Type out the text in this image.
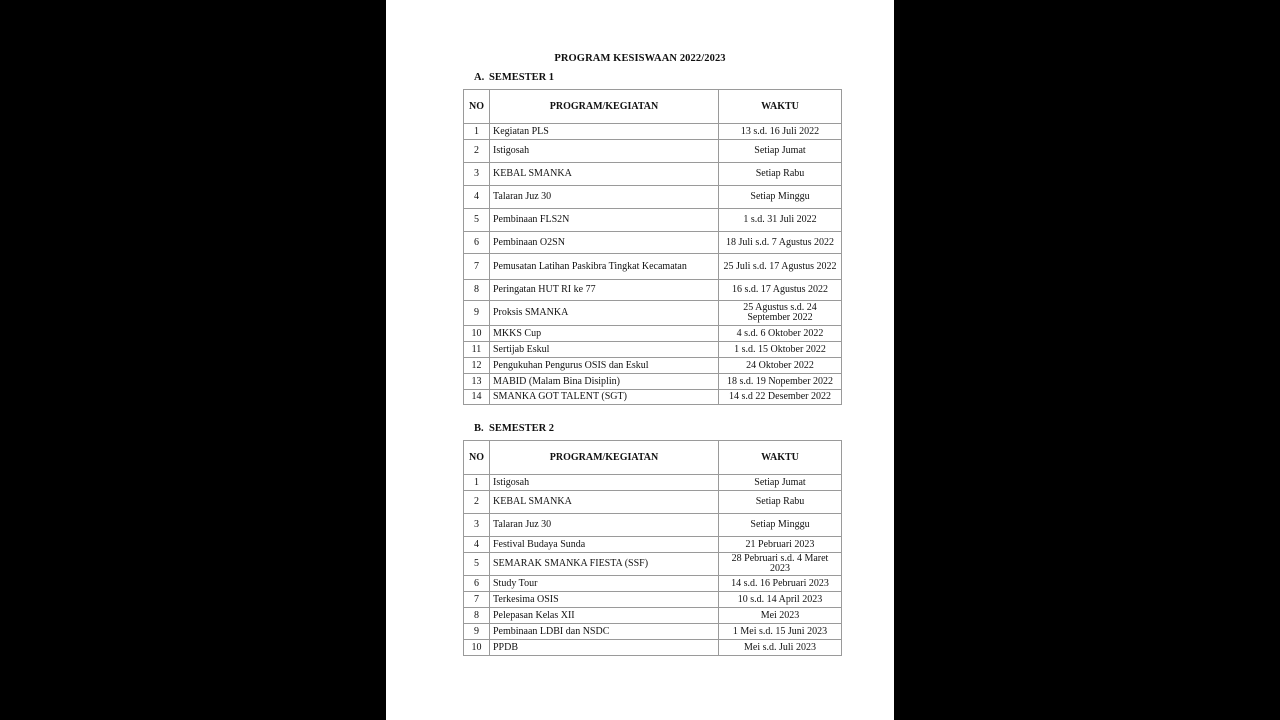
PROGRAM KESISWAAN 2022/2023
A. SEMESTER 1
NO	PROGRAM/KEGIATAN	WAKTU
1	Kegiatan PLS	13 s.d. 16 Juli 2022
2	Istigosah	Setiap Jumat
3	KEBAL SMANKA	Setiap Rabu
4	Talaran Juz 30	Setiap Minggu
5	Pembinaan FLS2N	1 s.d. 31 Juli 2022
6	Pembinaan O2SN	18 Juli s.d. 7 Agustus 2022
7	Pemusatan Latihan Paskibra Tingkat Kecamatan	25 Juli s.d. 17 Agustus 2022
8	Peringatan HUT RI ke 77	16 s.d. 17 Agustus 2022
9	Proksis SMANKA	25 Agustus s.d. 24 September 2022
10	MKKS Cup	4 s.d. 6 Oktober 2022
11	Sertijab Eskul	1 s.d. 15 Oktober 2022
12	Pengukuhan Pengurus OSIS dan Eskul	24 Oktober 2022
13	MABID (Malam Bina Disiplin)	18 s.d. 19 Nopember 2022
14	SMANKA GOT TALENT (SGT)	14 s.d 22 Desember 2022
B. SEMESTER 2
NO	PROGRAM/KEGIATAN	WAKTU
1	Istigosah	Setiap Jumat
2	KEBAL SMANKA	Setiap Rabu
3	Talaran Juz 30	Setiap Minggu
4	Festival Budaya Sunda	21 Pebruari 2023
5	SEMARAK SMANKA FIESTA (SSF)	28 Pebruari s.d. 4 Maret 2023
6	Study Tour	14 s.d. 16 Pebruari 2023
7	Terkesima OSIS	10 s.d. 14 April 2023
8	Pelepasan Kelas XII	Mei 2023
9	Pembinaan LDBI dan NSDC	1 Mei s.d. 15 Juni 2023
10	PPDB	Mei s.d. Juli 2023
